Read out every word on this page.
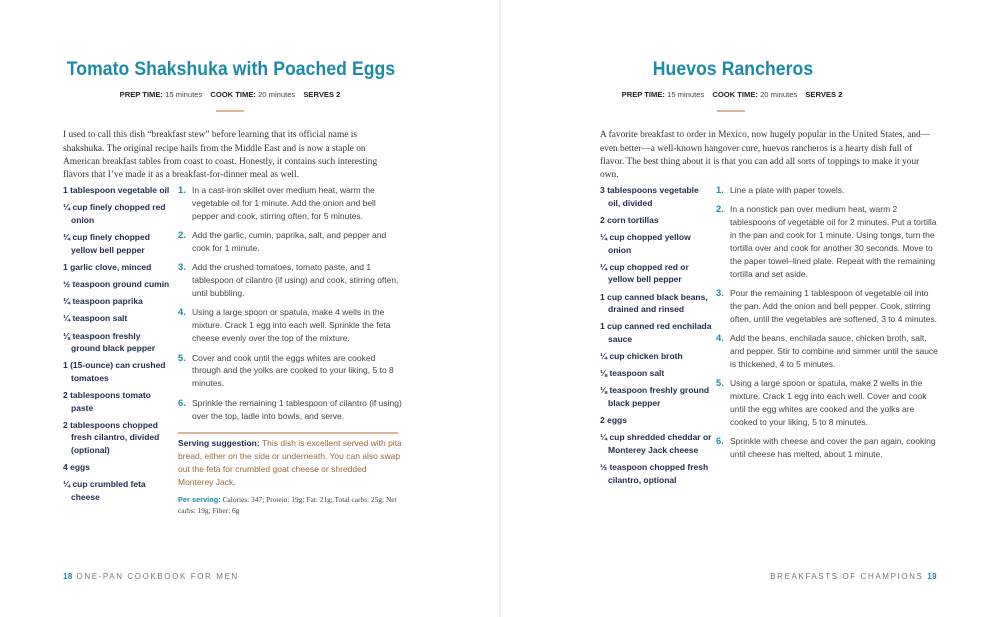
Tomato Shakshuka with Poached Eggs
PREP TIME: 15 minutes COOK TIME: 20 minutes SERVES 2

I used to call this dish “breakfast stew” before learning that its official name is shakshuka. The original recipe hails from the Middle East and is now a staple on American breakfast tables from coast to coast. Honestly, it contains such interesting flavors that I’ve made it as a breakfast-for-dinner meal as well.

1 tablespoon vegetable oil
¼ cup finely chopped red onion
¼ cup finely chopped yellow bell pepper
1 garlic clove, minced
½ teaspoon ground cumin
¼ teaspoon paprika
¼ teaspoon salt
⅛ teaspoon freshly ground black pepper
1 (15-ounce) can crushed tomatoes
2 tablespoons tomato paste
2 tablespoons chopped fresh cilantro, divided (optional)
4 eggs
¼ cup crumbled feta cheese
1. In a cast-iron skillet over medium heat, warm the vegetable oil for 1 minute. Add the onion and bell pepper and cook, stirring often, for 5 minutes.
2. Add the garlic, cumin, paprika, salt, and pepper and cook for 1 minute.
3. Add the crushed tomatoes, tomato paste, and 1 tablespoon of cilantro (if using) and cook, stirring often, until bubbling.
4. Using a large spoon or spatula, make 4 wells in the mixture. Crack 1 egg into each well. Sprinkle the feta cheese evenly over the top of the mixture.
5. Cover and cook until the eggs whites are cooked through and the yolks are cooked to your liking, 5 to 8 minutes.
6. Sprinkle the remaining 1 tablespoon of cilantro (if using) over the top, ladle into bowls, and serve.
Serving suggestion: This dish is excellent served with pita bread, either on the side or underneath. You can also swap out the feta for crumbled goat cheese or shredded Monterey Jack.
Per serving: Calories: 347; Protein: 19g; Fat: 21g; Total carbs: 25g; Net carbs: 19g; Fiber: 6g
18 ONE-PAN COOKBOOK FOR MEN
Huevos Rancheros
PREP TIME: 15 minutes COOK TIME: 20 minutes SERVES 2

A favorite breakfast to order in Mexico, now hugely popular in the United States, and—even better—a well-known hangover cure, huevos rancheros is a hearty dish full of flavor. The best thing about it is that you can add all sorts of toppings to make it your own.

3 tablespoons vegetable oil, divided
2 corn tortillas
¼ cup chopped yellow onion
¼ cup chopped red or yellow bell pepper
1 cup canned black beans, drained and rinsed
1 cup canned red enchilada sauce
¼ cup chicken broth
⅛ teaspoon salt
⅛ teaspoon freshly ground black pepper
2 eggs
¼ cup shredded cheddar or Monterey Jack cheese
½ teaspoon chopped fresh cilantro, optional
1. Line a plate with paper towels.
2. In a nonstick pan over medium heat, warm 2 tablespoons of vegetable oil for 2 minutes. Put a tortilla in the pan and cook for 1 minute. Using tongs, turn the tortilla over and cook for another 30 seconds. Move to the paper towel–lined plate. Repeat with the remaining tortilla and set aside.
3. Pour the remaining 1 tablespoon of vegetable oil into the pan. Add the onion and bell pepper. Cook, stirring often, until the vegetables are softened, 3 to 4 minutes.
4. Add the beans, enchilada sauce, chicken broth, salt, and pepper. Stir to combine and simmer until the sauce is thickened, 4 to 5 minutes.
5. Using a large spoon or spatula, make 2 wells in the mixture. Crack 1 egg into each well. Cover and cook until the egg whites are cooked and the yolks are cooked to your liking, 5 to 8 minutes.
6. Sprinkle with cheese and cover the pan again, cooking until cheese has melted, about 1 minute.
BREAKFASTS OF CHAMPIONS 19
